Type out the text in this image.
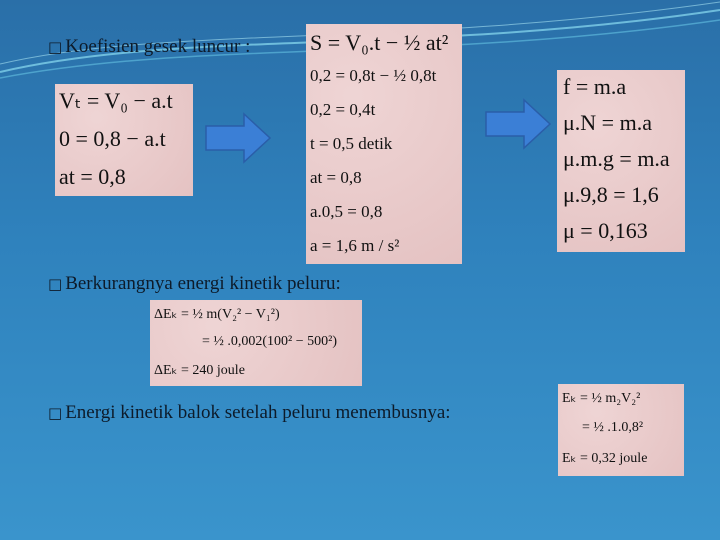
□ Koefisien gesek luncur :
Vₜ = V₀ − a.t
0 = 0,8 − a.t
at = 0,8
S = V₀.t − ½ at²
0,2 = 0,8t − ½ 0,8t
0,2 = 0,4t
t = 0,5 detik
at = 0,8
a.0,5 = 0,8
a = 1,6 m / s²
f = m.a
μ.N = m.a
μ.m.g = m.a
μ.9,8 = 1,6
μ = 0,163
□ Berkurangnya energi kinetik peluru:
ΔEₖ = ½ m(V₂² − V₁²)
= ½ .0,002(100² − 500²)
ΔEₖ = 240 joule
□ Energi kinetik balok setelah peluru menembusnya:
Eₖ = ½ m₂V₂²
= ½ .1.0,8²
Eₖ = 0,32 joule
